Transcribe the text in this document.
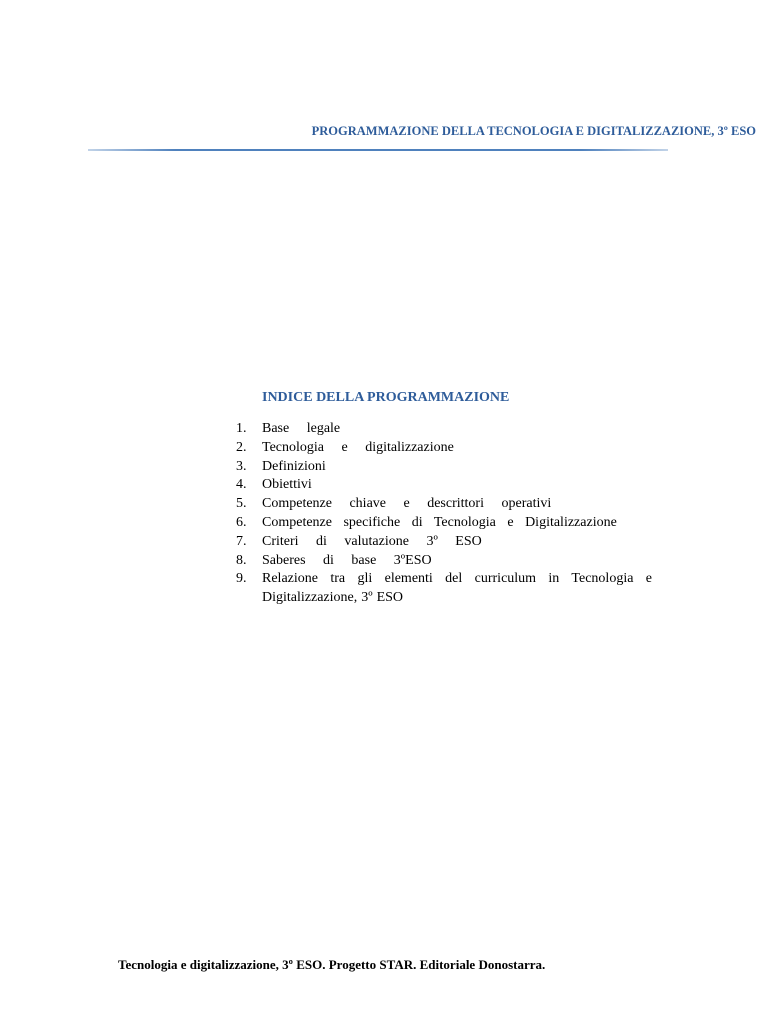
PROGRAMMAZIONE DELLA TECNOLOGIA E DIGITALIZZAZIONE, 3º ESO
INDICE DELLA PROGRAMMAZIONE
1.	Base legale
2.	Tecnologia e digitalizzazione
3.	Definizioni
4.	Obiettivi
5.	Competenze chiave e descrittori operativi
6.	Competenze specifiche di Tecnologia e Digitalizzazione
7.	Criteri di valutazione 3º ESO
8.	Saberes di base 3ºESO
9.	Relazione tra gli elementi del curriculum in Tecnologia e Digitalizzazione, 3º ESO
Tecnologia e digitalizzazione, 3º ESO. Progetto STAR. Editoriale Donostarra.
